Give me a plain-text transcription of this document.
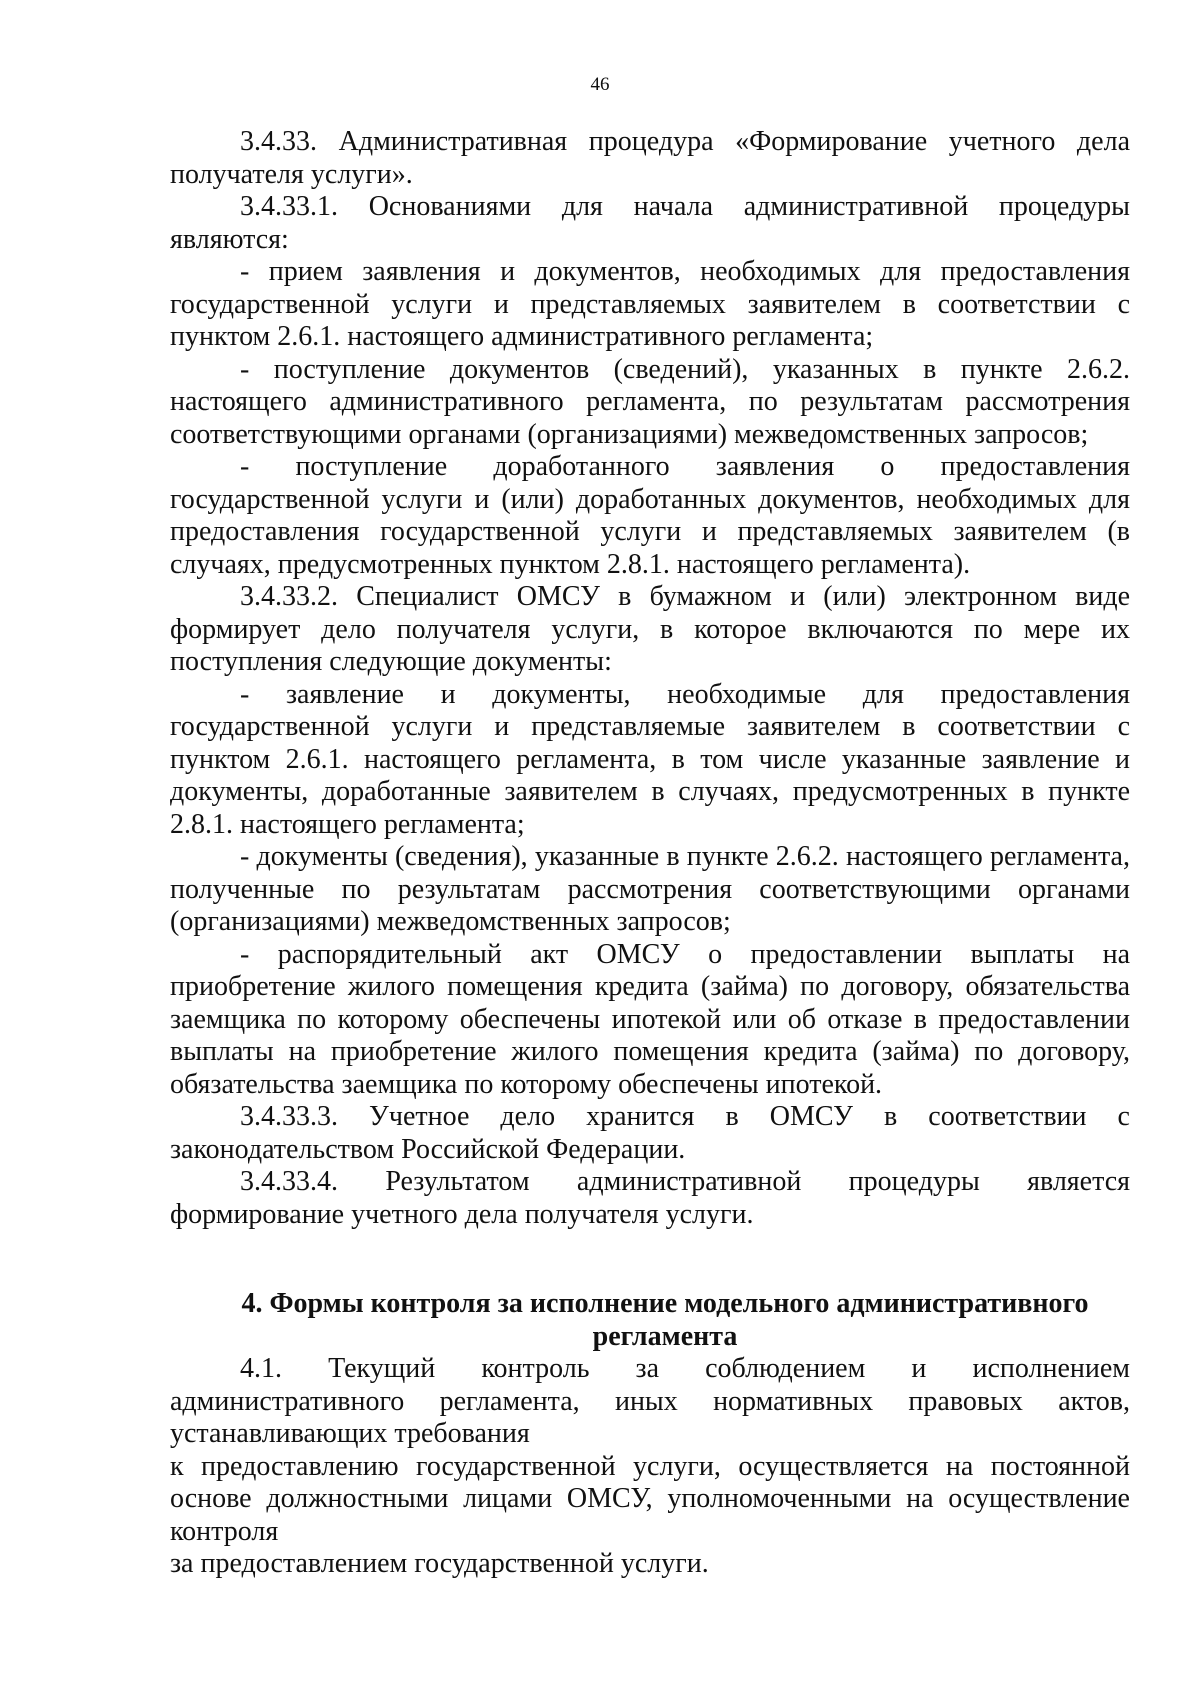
46

3.4.33. Административная процедура «Формирование учетного дела получателя услуги».

3.4.33.1. Основаниями для начала административной процедуры являются:

- прием заявления и документов, необходимых для предоставления государственной услуги и представляемых заявителем в соответствии с пунктом 2.6.1. настоящего административного регламента;

- поступление документов (сведений), указанных в пункте 2.6.2. настоящего административного регламента, по результатам рассмотрения соответствующими органами (организациями) межведомственных запросов;

- поступление доработанного заявления о предоставления государственной услуги и (или) доработанных документов, необходимых для предоставления государственной услуги и представляемых заявителем (в случаях, предусмотренных пунктом 2.8.1. настоящего регламента).

3.4.33.2. Специалист ОМСУ в бумажном и (или) электронном виде формирует дело получателя услуги, в которое включаются по мере их поступления следующие документы:

- заявление и документы, необходимые для предоставления государственной услуги и представляемые заявителем в соответствии с пунктом 2.6.1. настоящего регламента, в том числе указанные заявление и документы, доработанные заявителем в случаях, предусмотренных в пункте 2.8.1. настоящего регламента;

- документы (сведения), указанные в пункте 2.6.2. настоящего регламента, полученные по результатам рассмотрения соответствующими органами (организациями) межведомственных запросов;

- распорядительный акт ОМСУ о предоставлении выплаты на приобретение жилого помещения кредита (займа) по договору, обязательства заемщика по которому обеспечены ипотекой или об отказе в предоставлении выплаты на приобретение жилого помещения кредита (займа) по договору, обязательства заемщика по которому обеспечены ипотекой.

3.4.33.3. Учетное дело хранится в ОМСУ в соответствии с законодательством Российской Федерации.

3.4.33.4. Результатом административной процедуры является формирование учетного дела получателя услуги.

4. Формы контроля за исполнение модельного административного регламента

4.1. Текущий контроль за соблюдением и исполнением административного регламента, иных нормативных правовых актов, устанавливающих требования

к предоставлению государственной услуги, осуществляется на постоянной основе должностными лицами ОМСУ, уполномоченными на осуществление контроля

за предоставлением государственной услуги.
